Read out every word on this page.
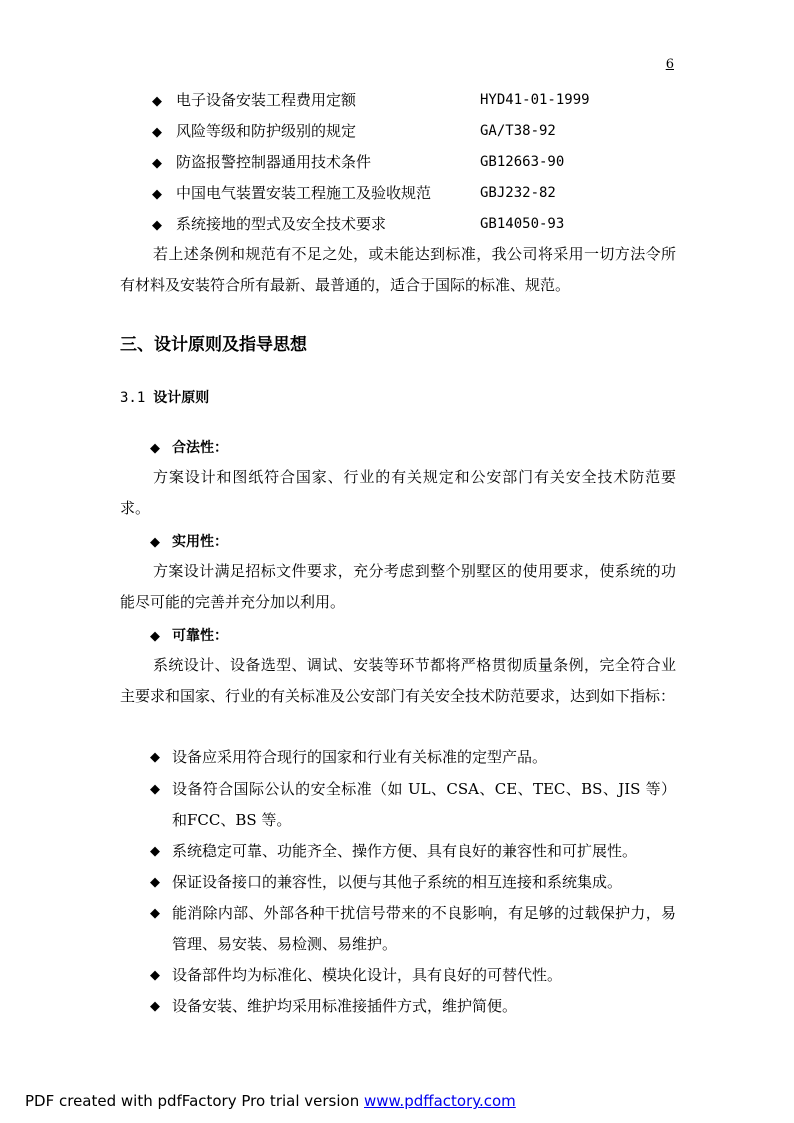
6
◆ 电子设备安装工程费用定额	HYD41-01-1999
◆ 风险等级和防护级别的规定	GA/T38-92
◆ 防盗报警控制器通用技术条件	GB12663-90
◆ 中国电气装置安装工程施工及验收规范	GBJ232-82
◆ 系统接地的型式及安全技术要求	GB14050-93
若上述条例和规范有不足之处，或未能达到标准，我公司将采用一切方法令所有材料及安装符合所有最新、最普通的，适合于国际的标准、规范。
三、设计原则及指导思想
3.1 设计原则
◆ 合法性：
方案设计和图纸符合国家、行业的有关规定和公安部门有关安全技术防范要求。
◆ 实用性：
方案设计满足招标文件要求，充分考虑到整个别墅区的使用要求，使系统的功能尽可能的完善并充分加以利用。
◆ 可靠性：
系统设计、设备选型、调试、安装等环节都将严格贯彻质量条例，完全符合业主要求和国家、行业的有关标准及公安部门有关安全技术防范要求，达到如下指标：
◆ 设备应采用符合现行的国家和行业有关标准的定型产品。
◆ 设备符合国际公认的安全标准（如 UL、CSA、CE、TEC、BS、JIS 等）和FCC、BS 等。
◆ 系统稳定可靠、功能齐全、操作方便、具有良好的兼容性和可扩展性。
◆ 保证设备接口的兼容性，以便与其他子系统的相互连接和系统集成。
◆ 能消除内部、外部各种干扰信号带来的不良影响，有足够的过载保护力，易管理、易安装、易检测、易维护。
◆ 设备部件均为标准化、模块化设计，具有良好的可替代性。
◆ 设备安装、维护均采用标准接插件方式，维护简便。
PDF created with pdfFactory Pro trial version www.pdffactory.com
